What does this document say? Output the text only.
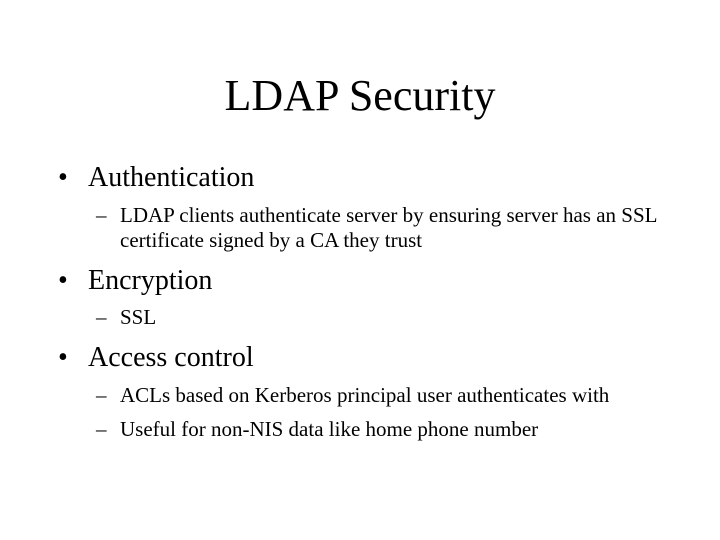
LDAP Security
• Authentication
– LDAP clients authenticate server by ensuring server has an SSL certificate signed by a CA they trust
• Encryption
– SSL
• Access control
– ACLs based on Kerberos principal user authenticates with
– Useful for non-NIS data like home phone number
